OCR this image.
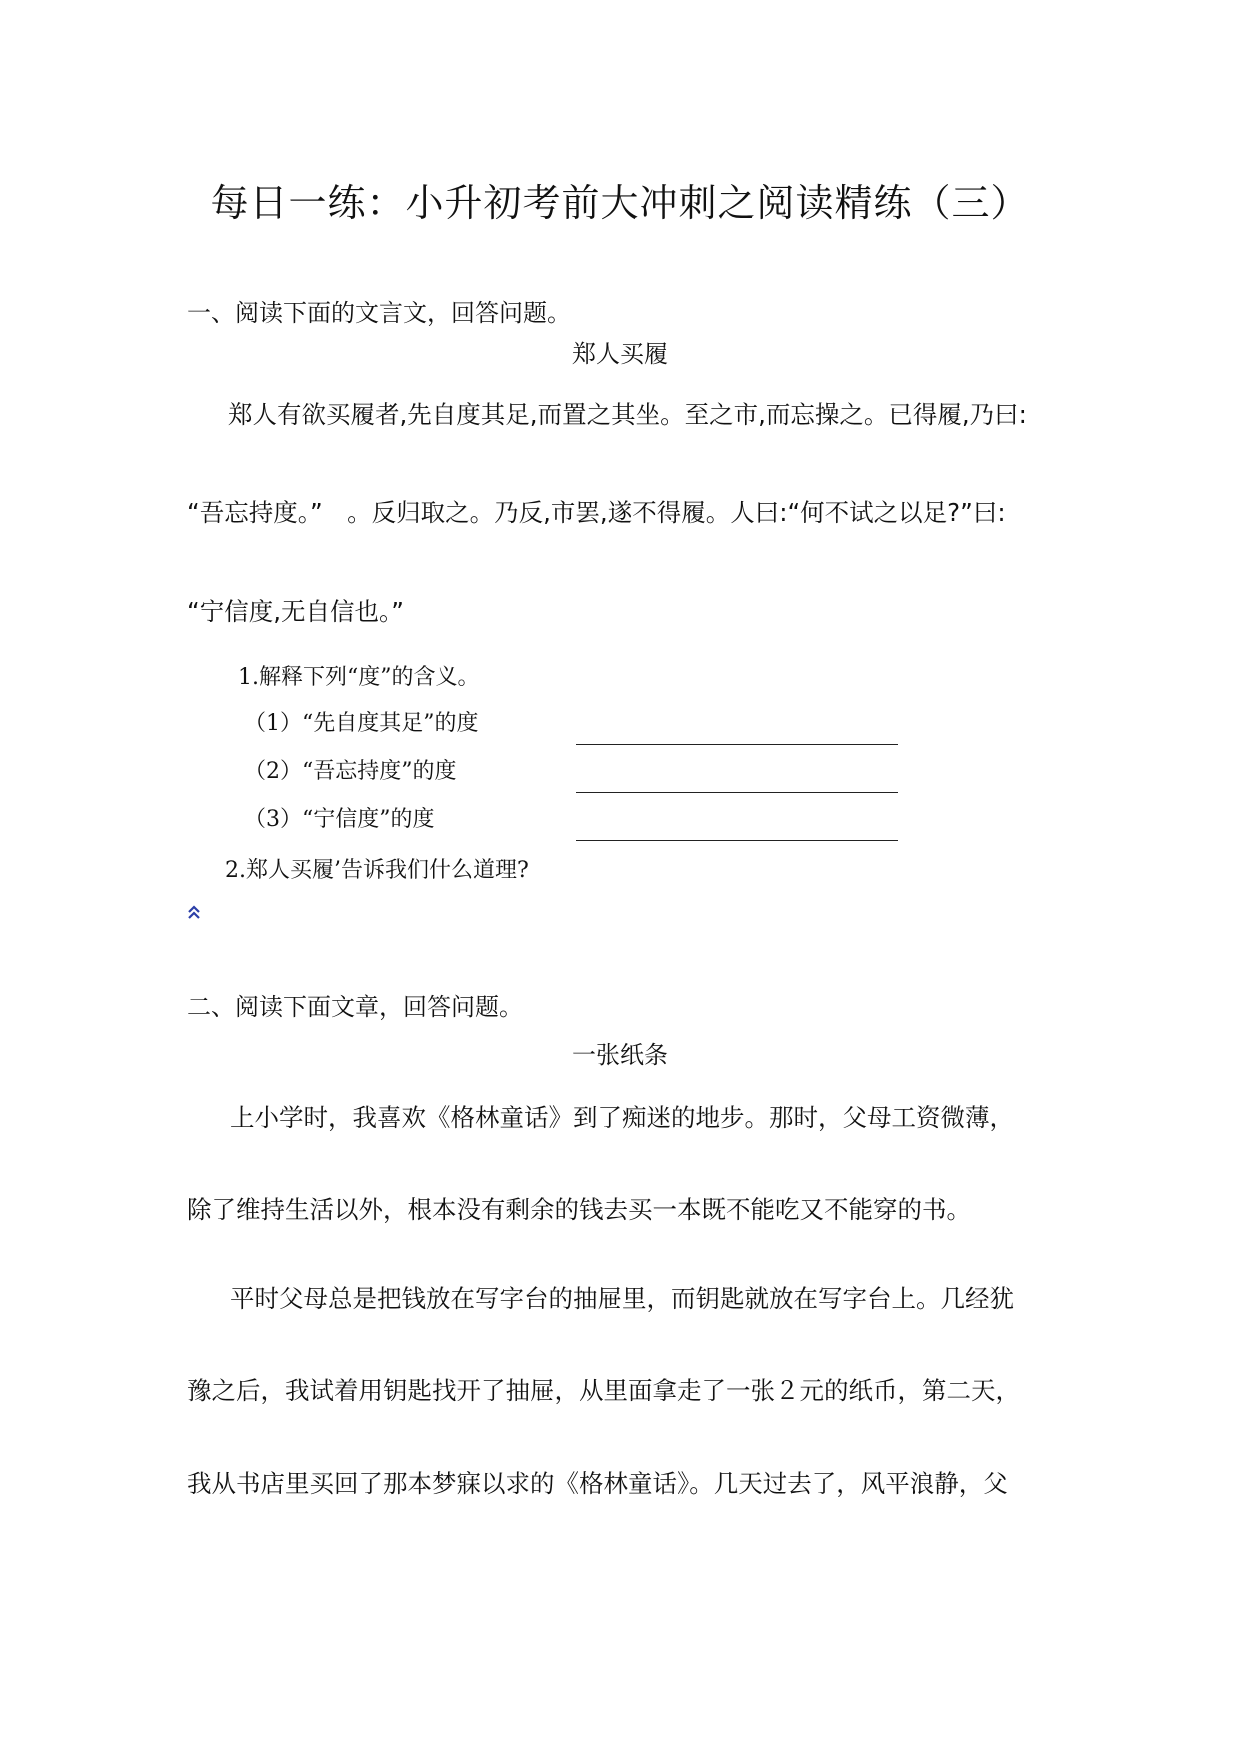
每日一练：小升初考前大冲刺之阅读精练（三）
一、阅读下面的文言文，回答问题。
郑人买履
郑人有欲买履者,先自度其足,而置之其坐。至之市,而忘操之。已得履,乃曰:
“吾忘持度。”　。反归取之。乃反,市罢,遂不得履。人曰:“何不试之以足?”曰:
“宁信度,无自信也。”
1.解释下列“度”的含义。
（1）“先自度其足”的度
（2）“吾忘持度”的度
（3）“宁信度”的度
2.郑人买履’告诉我们什么道理?
二、阅读下面文章，回答问题。
一张纸条
上小学时，我喜欢《格林童话》到了痴迷的地步。那时，父母工资微薄，
除了维持生活以外，根本没有剩余的钱去买一本既不能吃又不能穿的书。
平时父母总是把钱放在写字台的抽屉里，而钥匙就放在写字台上。几经犹
豫之后，我试着用钥匙找开了抽屉，从里面拿走了一张２元的纸币，第二天，
我从书店里买回了那本梦寐以求的《格林童话》。几天过去了，风平浪静，父
